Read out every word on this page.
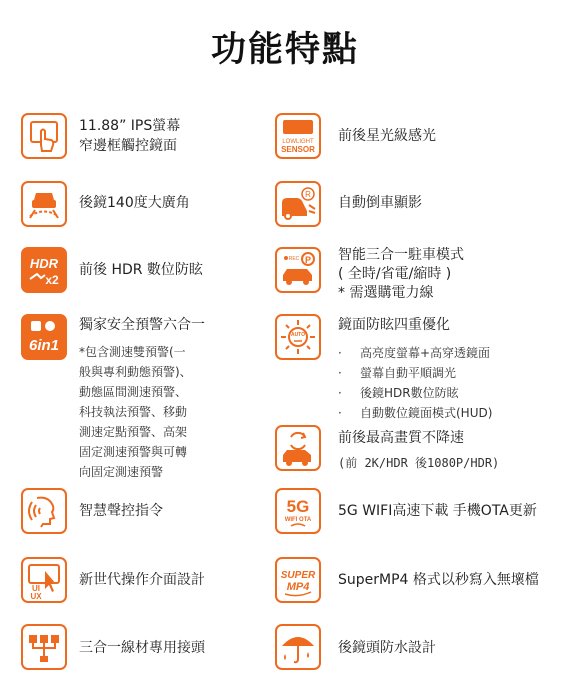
功能特點
11.88” IPS螢幕
窄邊框觸控鏡面
後鏡140度大廣角
HDR
x2
前後 HDR 數位防眩
6in1
獨家安全預警六合一
*包含測速雙預警(一
般與專利動態預警)、
動態區間測速預警、
科技執法預警、移動
測速定點預警、高架
固定測速預警與可轉
向固定測速預警
智慧聲控指令
UI
UX
新世代操作介面設計
三合一線材專用接頭
LOWLIGHT
SENSOR
前後星光級感光
R
自動倒車顯影
REC P 智能三合一駐車模式
( 全時/省電/縮時 )
* 需選購電力線
AUTO
鏡面防眩四重優化
· 高亮度螢幕+高穿透鏡面
· 螢幕自動平順調光
· 後鏡HDR數位防眩
· 自動數位鏡面模式(HUD)
前後最高畫質不降速
(前 2K/HDR 後1080P/HDR)
5G
WIFI OTA
5G WIFI高速下載 手機OTA更新
SUPER
MP4 SuperMP4 格式以秒寫入無壞檔
後鏡頭防水設計
